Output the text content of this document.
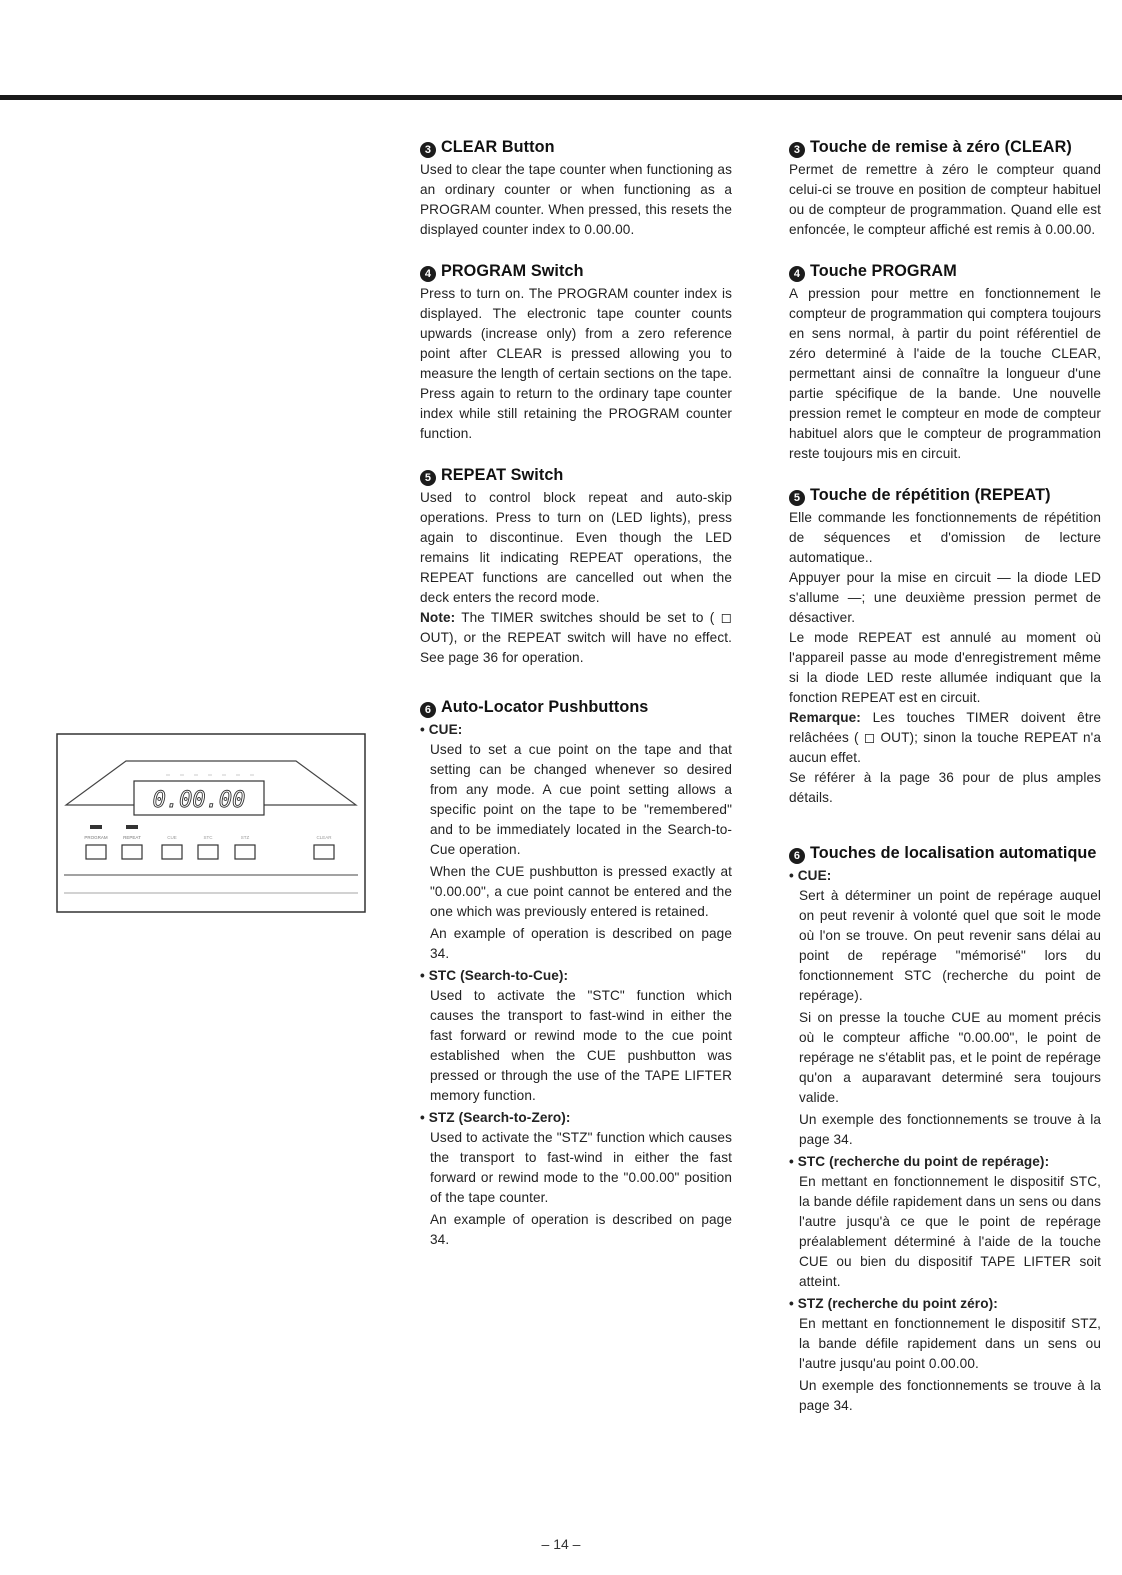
0.00.00
PROGRAM	REPEAT	CUE	STC	STZ	CLEAR
3 CLEAR Button

Used to clear the tape counter when functioning as an ordinary counter or when functioning as a PROGRAM counter. When pressed, this resets the displayed counter index to 0.00.00.

4 PROGRAM Switch

Press to turn on. The PROGRAM counter index is displayed. The electronic tape counter counts upwards (increase only) from a zero reference point after CLEAR is pressed allowing you to measure the length of certain sections on the tape. Press again to return to the ordinary tape counter index while still retaining the PROGRAM counter function.

5 REPEAT Switch

Used to control block repeat and auto-skip operations. Press to turn on (LED lights), press again to discontinue. Even though the LED remains lit indicating REPEAT operations, the REPEAT functions are cancelled out when the deck enters the record mode.

Note: The TIMER switches should be set to ( ◻ OUT), or the REPEAT switch will have no effect. See page 36 for operation.

6 Auto-Locator Pushbuttons
• CUE:

Used to set a cue point on the tape and that setting can be changed whenever so desired from any mode. A cue point setting allows a specific point on the tape to be "remembered" and to be immediately located in the Search-to-Cue operation.

When the CUE pushbutton is pressed exactly at "0.00.00", a cue point cannot be entered and the one which was previously entered is retained.

An example of operation is described on page 34.

• STC (Search-to-Cue):

Used to activate the "STC" function which causes the transport to fast-wind in either the fast forward or rewind mode to the cue point established when the CUE pushbutton was pressed or through the use of the TAPE LIFTER memory function.

• STZ (Search-to-Zero):

Used to activate the "STZ" function which causes the transport to fast-wind in either the fast forward or rewind mode to the "0.00.00" position of the tape counter.

An example of operation is described on page 34.

3 Touche de remise à zéro (CLEAR)

Permet de remettre à zéro le compteur quand celui-ci se trouve en position de compteur habituel ou de compteur de programmation. Quand elle est enfoncée, le compteur affiché est remis à 0.00.00.

4 Touche PROGRAM

A pression pour mettre en fonctionnement le compteur de programmation qui comptera toujours en sens normal, à partir du point référentiel de zéro determiné à l'aide de la touche CLEAR, permettant ainsi de connaître la longueur d'une partie spécifique de la bande. Une nouvelle pression remet le compteur en mode de compteur habituel alors que le compteur de programmation reste toujours mis en circuit.

5 Touche de répétition (REPEAT)

Elle commande les fonctionnements de répétition de séquences et d'omission de lecture automatique..

Appuyer pour la mise en circuit — la diode LED s'allume —; une deuxième pression permet de désactiver.

Le mode REPEAT est annulé au moment où l'appareil passe au mode d'enregistrement même si la diode LED reste allumée indiquant que la fonction REPEAT est en circuit.

Remarque: Les touches TIMER doivent être relâchées ( ◻ OUT); sinon la touche REPEAT n'a aucun effet.

Se référer à la page 36 pour de plus amples détails.

6 Touches de localisation automatique
• CUE:

Sert à déterminer un point de repérage auquel on peut revenir à volonté quel que soit le mode où l'on se trouve. On peut revenir sans délai au point de repérage "mémorisé" lors du fonctionnement STC (recherche du point de repérage).

Si on presse la touche CUE au moment précis où le compteur affiche "0.00.00", le point de repérage ne s'établit pas, et le point de repérage qu'on a auparavant determiné sera toujours valide.

Un exemple des fonctionnements se trouve à la page 34.

• STC (recherche du point de repérage):

En mettant en fonctionnement le dispositif STC, la bande défile rapidement dans un sens ou dans l'autre jusqu'à ce que le point de repérage préalablement déterminé à l'aide de la touche CUE ou bien du dispositif TAPE LIFTER soit atteint.

• STZ (recherche du point zéro):

En mettant en fonctionnement le dispositif STZ, la bande défile rapidement dans un sens ou l'autre jusqu'au point 0.00.00.

Un exemple des fonctionnements se trouve à la page 34.

– 14 –
